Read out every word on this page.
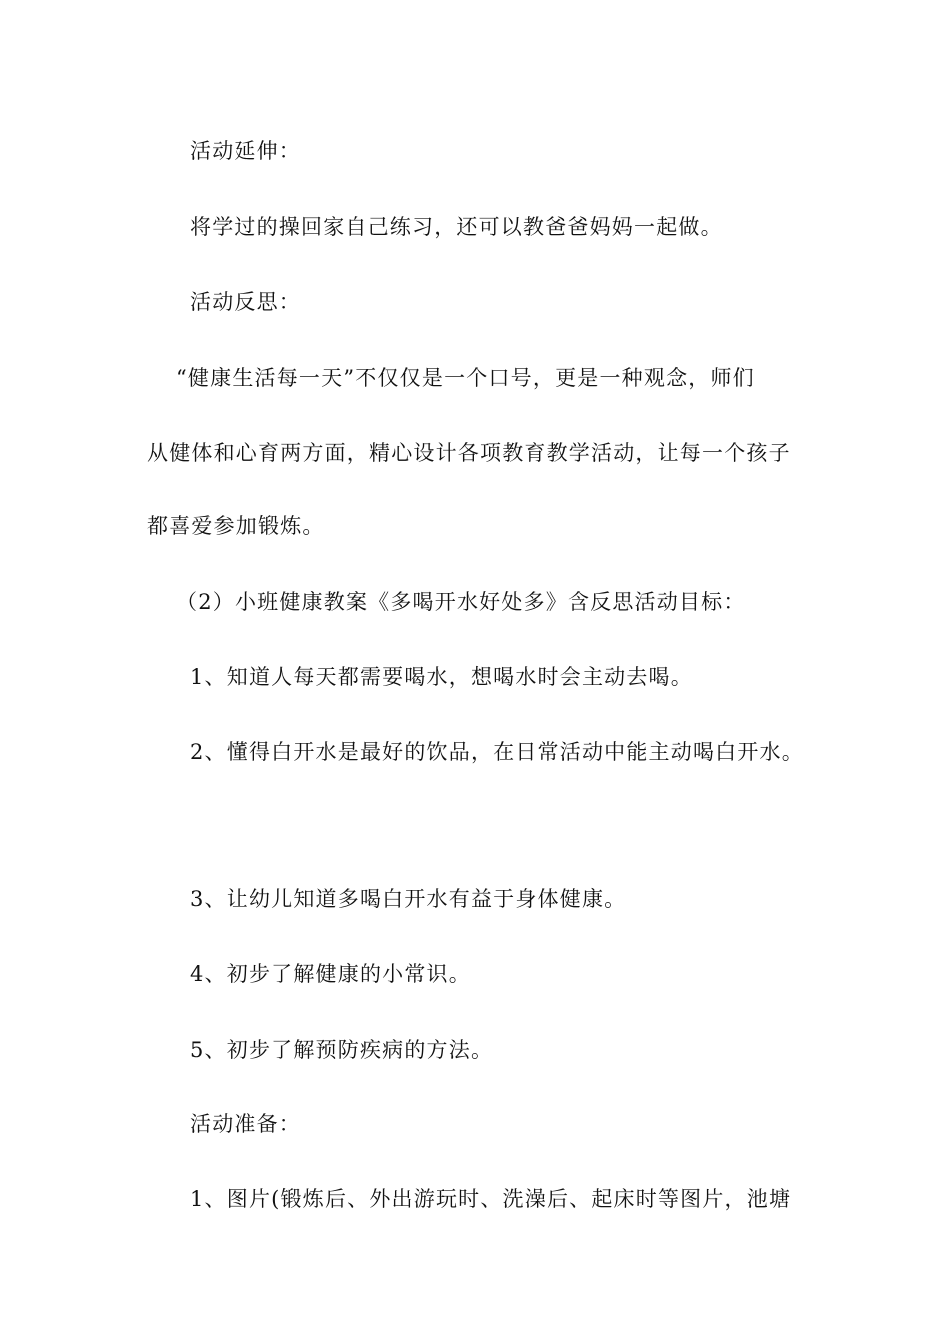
活动延伸：
将学过的操回家自己练习，还可以教爸爸妈妈一起做。
活动反思：
“健康生活每一天”不仅仅是一个口号，更是一种观念，师们
从健体和心育两方面，精心设计各项教育教学活动，让每一个孩子
都喜爱参加锻炼。
（2）小班健康教案《多喝开水好处多》含反思活动目标：
1、知道人每天都需要喝水，想喝水时会主动去喝。
2、懂得白开水是最好的饮品，在日常活动中能主动喝白开水。
3、让幼儿知道多喝白开水有益于身体健康。
4、初步了解健康的小常识。
5、初步了解预防疾病的方法。
活动准备：
1、图片(锻炼后、外出游玩时、洗澡后、起床时等图片，池塘
